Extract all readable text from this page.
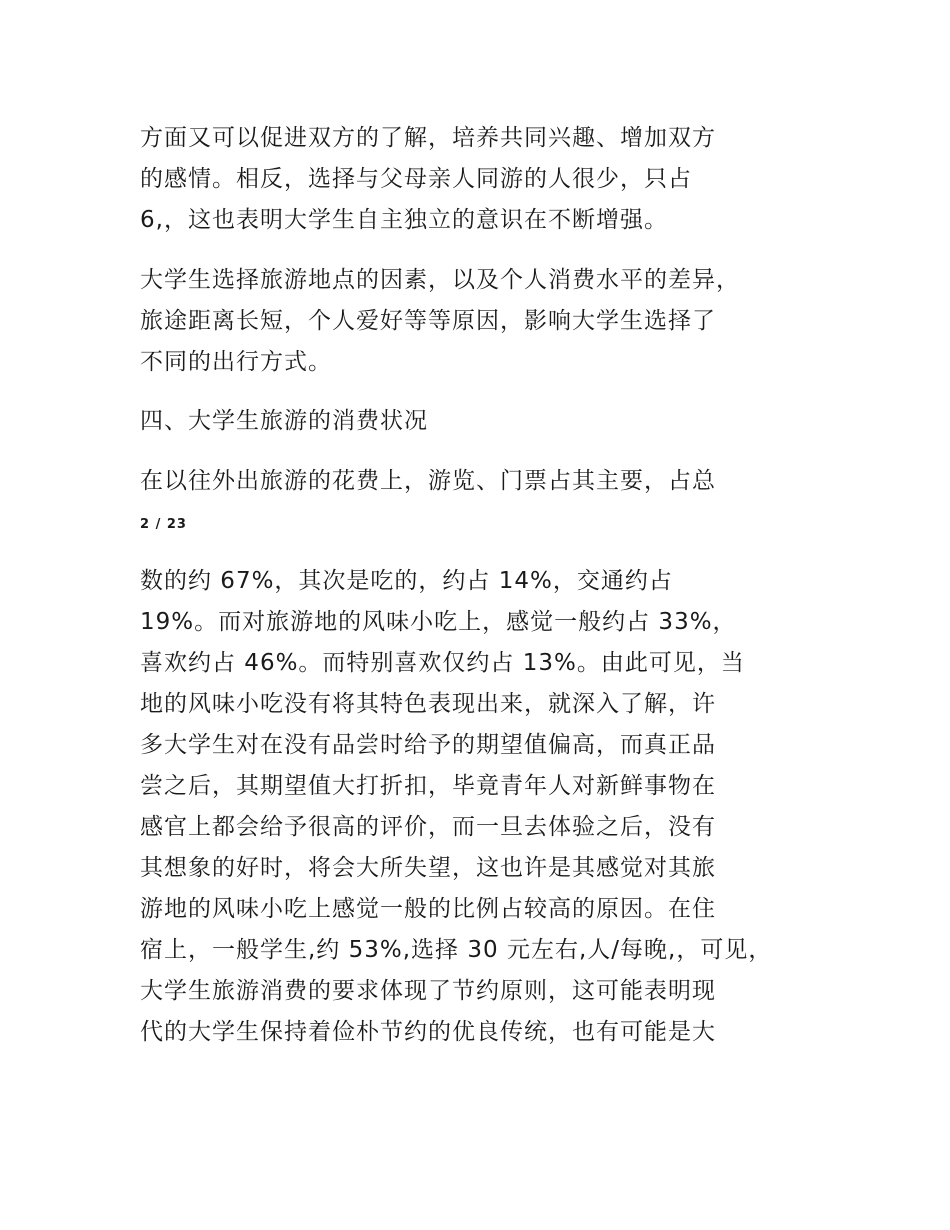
方面又可以促进双方的了解，培养共同兴趣、增加双方
的感情。相反，选择与父母亲人同游的人很少，只占
6,，这也表明大学生自主独立的意识在不断增强。
大学生选择旅游地点的因素，以及个人消费水平的差异，
旅途距离长短，个人爱好等等原因，影响大学生选择了
不同的出行方式。
四、大学生旅游的消费状况
在以往外出旅游的花费上，游览、门票占其主要，占总
2 / 23
数的约 67%，其次是吃的，约占 14%，交通约占
19%。而对旅游地的风味小吃上，感觉一般约占 33%，
喜欢约占 46%。而特别喜欢仅约占 13%。由此可见，当
地的风味小吃没有将其特色表现出来，就深入了解，许
多大学生对在没有品尝时给予的期望值偏高，而真正品
尝之后，其期望值大打折扣，毕竟青年人对新鲜事物在
感官上都会给予很高的评价，而一旦去体验之后，没有
其想象的好时，将会大所失望，这也许是其感觉对其旅
游地的风味小吃上感觉一般的比例占较高的原因。在住
宿上，一般学生,约 53%,选择 30 元左右,人/每晚,，可见，
大学生旅游消费的要求体现了节约原则，这可能表明现
代的大学生保持着俭朴节约的优良传统，也有可能是大
